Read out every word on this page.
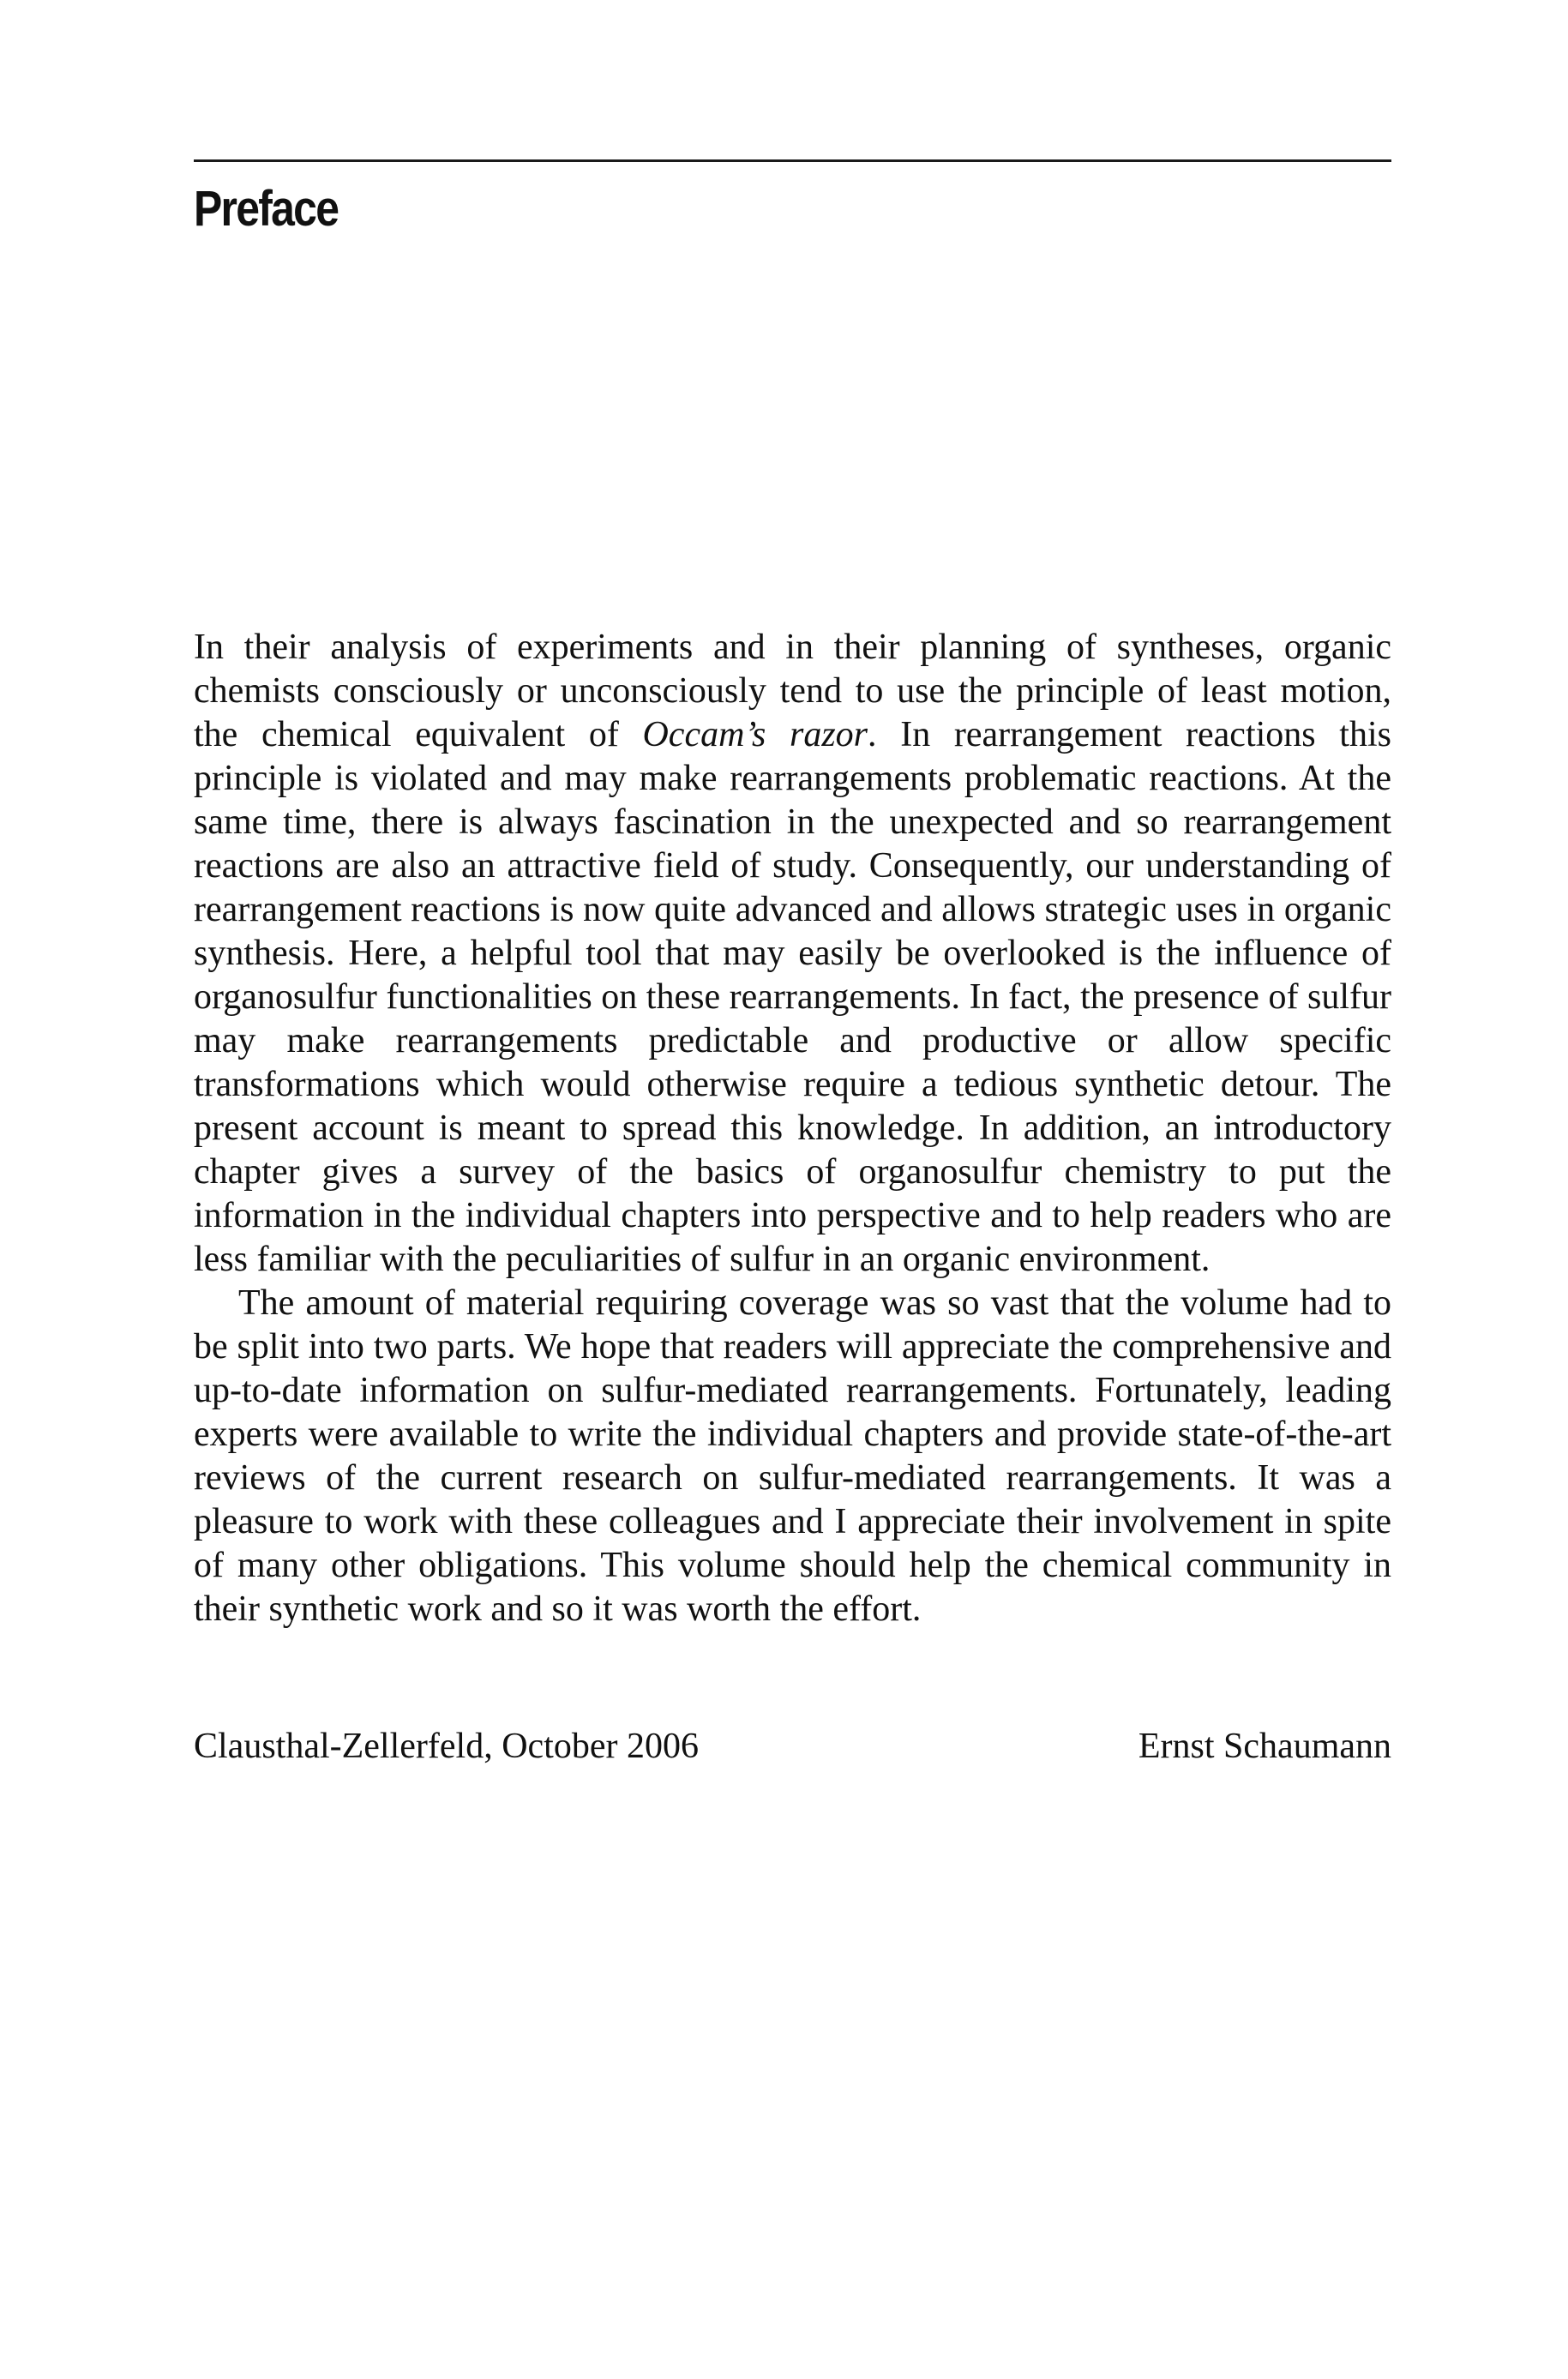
Preface

In their analysis of experiments and in their planning of syntheses, organic chemists consciously or unconsciously tend to use the principle of least motion, the chemical equivalent of Occam’s razor. In rearrangement reactions this principle is violated and may make rearrangements problematic reactions. At the same time, there is always fascination in the unexpected and so rearrangement reactions are also an attractive field of study. Consequently, our understanding of rearrangement reactions is now quite advanced and allows strategic uses in organic synthesis. Here, a helpful tool that may easily be overlooked is the influence of organosulfur functionalities on these rearrangements. In fact, the presence of sulfur may make rearrangements predictable and productive or allow specific transformations which would otherwise require a tedious synthetic detour. The present account is meant to spread this knowledge. In addition, an introductory chapter gives a survey of the basics of organosulfur chemistry to put the information in the individual chapters into perspective and to help readers who are less familiar with the peculiarities of sulfur in an organic environment.

The amount of material requiring coverage was so vast that the volume had to be split into two parts. We hope that readers will appreciate the comprehensive and up-to-date information on sulfur-mediated rearrangements. Fortunately, leading experts were available to write the individual chapters and provide state-of-the-art reviews of the current research on sulfur-mediated rearrangements. It was a pleasure to work with these colleagues and I appreciate their involvement in spite of many other obligations. This volume should help the chemical community in their synthetic work and so it was worth the effort.

Clausthal-Zellerfeld, October 2006	Ernst Schaumann
